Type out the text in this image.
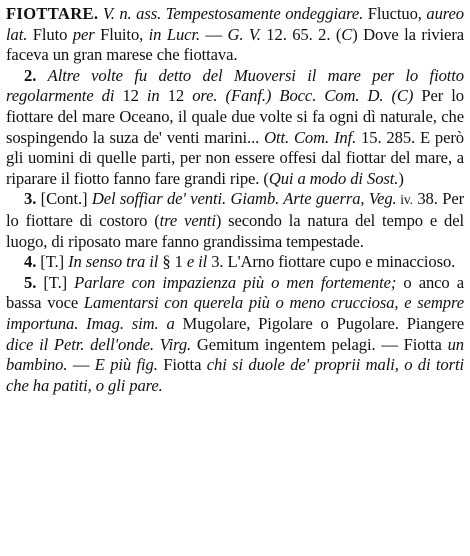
FIOTTARE. V. n. ass. Tempestosamente ondeggiare. Fluctuo, aureo lat. Fluto per Fluito, in Lucr. — G. V. 12. 65. 2. (C) Dove la riviera faceva un gran marese che fiottava.

2. Altre volte fu detto del Muoversi il mare per lo fiotto regolarmente di 12 in 12 ore. (Fanf.) Bocc. Com. D. (C) Per lo fiottare del mare Oceano, il quale due volte si fa ogni dì naturale, che sospingendo la suza de' venti marini... Ott. Com. Inf. 15. 285. E però gli uomini di quelle parti, per non essere offesi dal fiottar del mare, a riparare il fiotto fanno fare grandi ripe. (Qui a modo di Sost.)

3. [Cont.] Del soffiar de' venti. Giamb. Arte guerra, Veg. iv. 38. Per lo fiottare di costoro (tre venti) secondo la natura del tempo e del luogo, di riposato mare fanno grandissima tempestade.

4. [T.] In senso tra il § 1 e il 3. L'Arno fiottare cupo e minaccioso.

5. [T.] Parlare con impazienza più o men fortemente; o anco a bassa voce Lamentarsi con querela più o meno crucciosa, e sempre importuna. Imag. sim. a Mugolare, Pigolare o Pugolare. Piangere dice il Petr. dell'onde. Virg. Gemitum ingentem pelagi. — Fiotta un bambino. — E più fig. Fiotta chi si duole de' proprii mali, o di torti che ha patiti, o gli pare.
